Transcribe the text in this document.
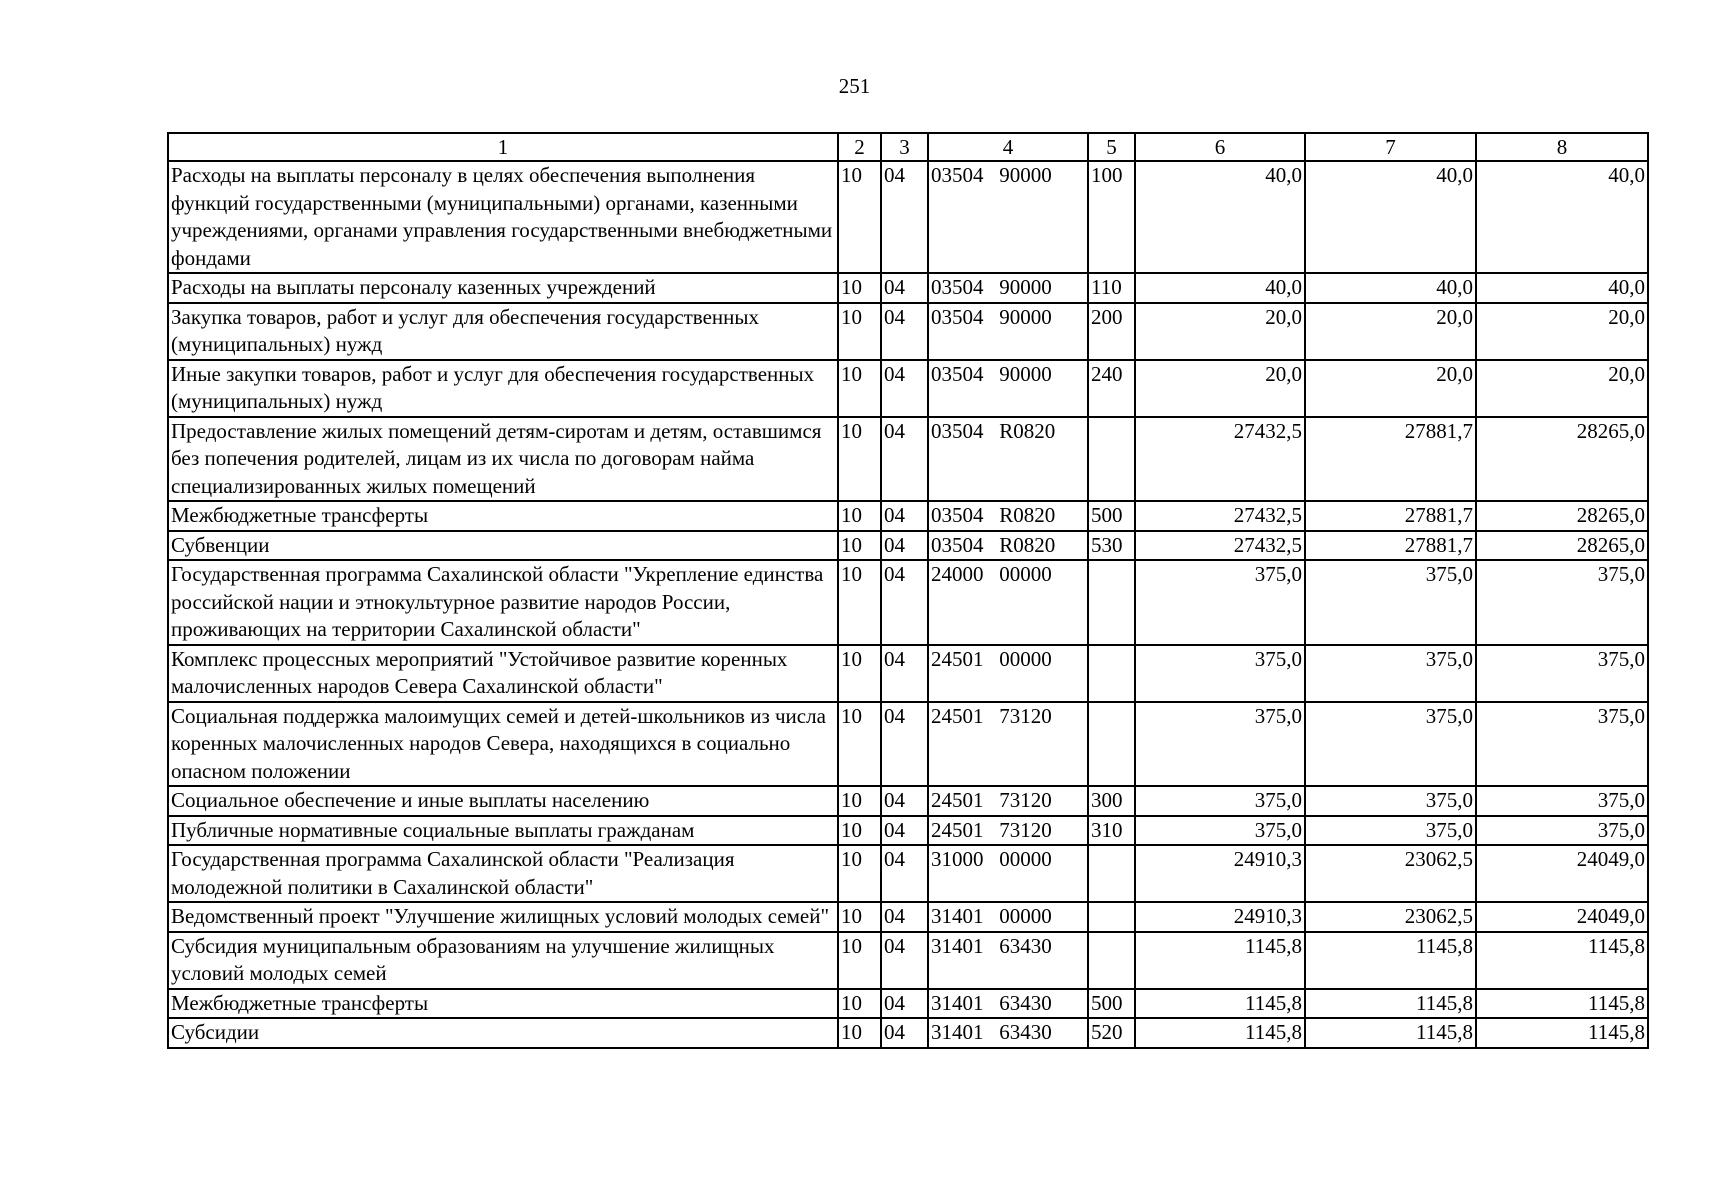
251
1	2	3	4	5	6	7	8
Расходы на выплаты персоналу в целях обеспечения выполнения функций государственными (муниципальными) органами, казенными учреждениями, органами управления государственными внебюджетными фондами	10	04	03504   90000	100	40,0	40,0	40,0
Расходы на выплаты персоналу казенных учреждений	10	04	03504   90000	110	40,0	40,0	40,0
Закупка товаров, работ и услуг для обеспечения государственных (муниципальных) нужд	10	04	03504   90000	200	20,0	20,0	20,0
Иные закупки товаров, работ и услуг для обеспечения государственных (муниципальных) нужд	10	04	03504   90000	240	20,0	20,0	20,0
Предоставление жилых помещений детям-сиротам и детям, оставшимся без попечения родителей, лицам из их числа по договорам найма специализированных жилых помещений	10	04	03504   R0820		27432,5	27881,7	28265,0
Межбюджетные трансферты	10	04	03504   R0820	500	27432,5	27881,7	28265,0
Субвенции	10	04	03504   R0820	530	27432,5	27881,7	28265,0
Государственная программа Сахалинской области "Укрепление единства российской нации и этнокультурное развитие народов России, проживающих на территории Сахалинской области"	10	04	24000   00000		375,0	375,0	375,0
Комплекс процессных мероприятий "Устойчивое развитие коренных малочисленных народов Севера Сахалинской области"	10	04	24501   00000		375,0	375,0	375,0
Социальная поддержка малоимущих семей и детей-школьников из числа коренных малочисленных народов Севера, находящихся в социально опасном положении	10	04	24501   73120		375,0	375,0	375,0
Социальное обеспечение и иные выплаты населению	10	04	24501   73120	300	375,0	375,0	375,0
Публичные нормативные социальные выплаты гражданам	10	04	24501   73120	310	375,0	375,0	375,0
Государственная программа Сахалинской области "Реализация молодежной политики в Сахалинской области"	10	04	31000   00000		24910,3	23062,5	24049,0
Ведомственный проект "Улучшение жилищных условий молодых семей"	10	04	31401   00000		24910,3	23062,5	24049,0
Субсидия муниципальным образованиям на улучшение жилищных условий молодых семей	10	04	31401   63430		1145,8	1145,8	1145,8
Межбюджетные трансферты	10	04	31401   63430	500	1145,8	1145,8	1145,8
Субсидии	10	04	31401   63430	520	1145,8	1145,8	1145,8
